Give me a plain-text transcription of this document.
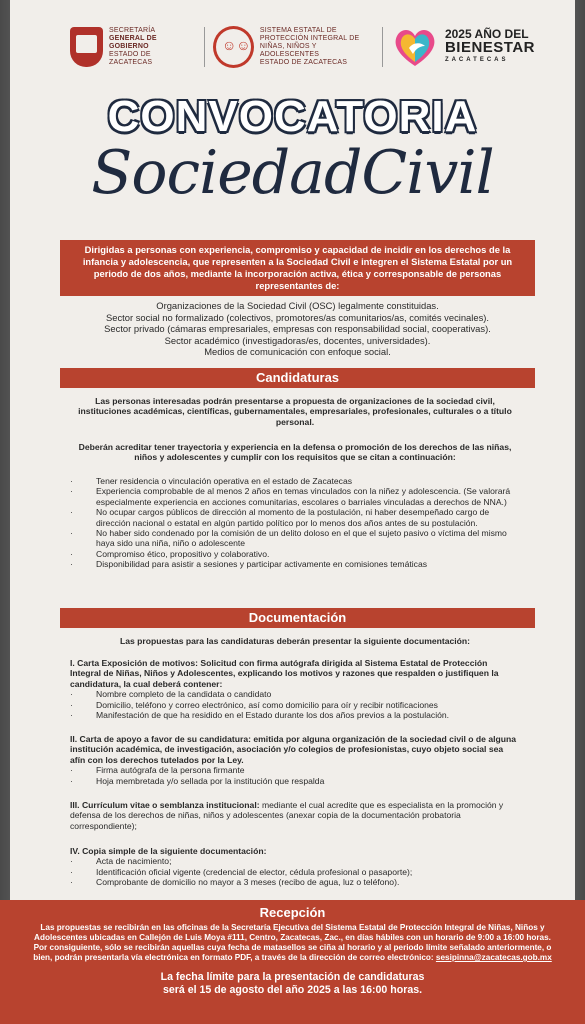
SECRETARÍA
GENERAL DE GOBIERNO
ESTADO DE ZACATECAS
☺☺
SISTEMA ESTATAL DE
PROTECCIÓN INTEGRAL DE
NIÑAS, NIÑOS Y ADOLESCENTES
ESTADO DE ZACATECAS
2025 AÑO DEL
BIENESTAR
ZACATECAS
CONVOCATORIA
SociedadCivil
Dirigidas a personas con experiencia, compromiso y capacidad de incidir en los derechos de la infancia y adolescencia, que representen a la Sociedad Civil e integren el Sistema Estatal por un periodo de dos años, mediante la incorporación activa, ética y corresponsable de personas representantes de:
Organizaciones de la Sociedad Civil (OSC) legalmente constituidas.
Sector social no formalizado (colectivos, promotores/as comunitarios/as, comités vecinales).
Sector privado (cámaras empresariales, empresas con responsabilidad social, cooperativas).
Sector académico (investigadoras/es, docentes, universidades).
Medios de comunicación con enfoque social.
Candidaturas
Las personas interesadas podrán presentarse a propuesta de organizaciones de la sociedad civil, instituciones académicas, científicas, gubernamentales, empresariales, profesionales, culturales o a título personal.
Deberán acreditar tener trayectoria y experiencia en la defensa o promoción de los derechos de las niñas, niños y adolescentes y cumplir con los requisitos que se citan a continuación:
·
Tener residencia o vinculación operativa en el estado de Zacatecas
·
Experiencia comprobable de al menos 2 años en temas vinculados con la niñez y adolescencia. (Se valorará especialmente experiencia en acciones comunitarias, escolares o barriales vinculadas a derechos de NNA.)
·
No ocupar cargos públicos de dirección al momento de la postulación, ni haber desempeñado cargo de dirección nacional o estatal en algún partido político por lo menos dos años antes de su postulación.
·
No haber sido condenado por la comisión de un delito doloso en el que el sujeto pasivo o víctima del mismo haya sido una niña, niño o adolescente
·
Compromiso ético, propositivo y colaborativo.
·
Disponibilidad para asistir a sesiones y participar activamente en comisiones temáticas
Documentación
Las propuestas para las candidaturas deberán presentar la siguiente documentación:
I. Carta Exposición de motivos: Solicitud con firma autógrafa dirigida al Sistema Estatal de Protección Integral de Niñas, Niños y Adolescentes, explicando los motivos y razones que respalden o justifiquen la candidatura, la cual deberá contener:
·
Nombre completo de la candidata o candidato
·
Domicilio, teléfono y correo electrónico, así como domicilio para oír y recibir notificaciones
·
Manifestación de que ha residido en el Estado durante los dos años previos a la postulación.
II. Carta de apoyo a favor de su candidatura: emitida por alguna organización de la sociedad civil o de alguna institución académica, de investigación, asociación y/o colegios de profesionistas, cuyo objeto social sea afín con los derechos tutelados por la Ley.
·
Firma autógrafa de la persona firmante
·
Hoja membretada y/o sellada por la institución que respalda
III. Currículum vitae o semblanza institucional: mediante el cual acredite que es especialista en la promoción y defensa de los derechos de niñas, niños y adolescentes (anexar copia de la documentación probatoria correspondiente);
IV. Copia simple de la siguiente documentación:
·
Acta de nacimiento;
·
Identificación oficial vigente (credencial de elector, cédula profesional o pasaporte);
·
Comprobante de domicilio no mayor a 3 meses (recibo de agua, luz o teléfono).
Recepción
Las propuestas se recibirán en las oficinas de la Secretaría Ejecutiva del Sistema Estatal de Protección Integral de Niñas, Niños y Adolescentes ubicadas en Callejón de Luis Moya #111, Centro, Zacatecas, Zac., en días hábiles con un horario de 9:00 a 16:00 horas. Por consiguiente, sólo se recibirán aquellas cuya fecha de matasellos se ciña al horario y al periodo límite señalado anteriormente, o bien, podrán presentarla vía electrónica en formato PDF, a través de la dirección de correo electrónico: sesipinna@zacatecas.gob.mx
La fecha límite para la presentación de candidaturas
será el 15 de agosto del año 2025 a las 16:00 horas.
